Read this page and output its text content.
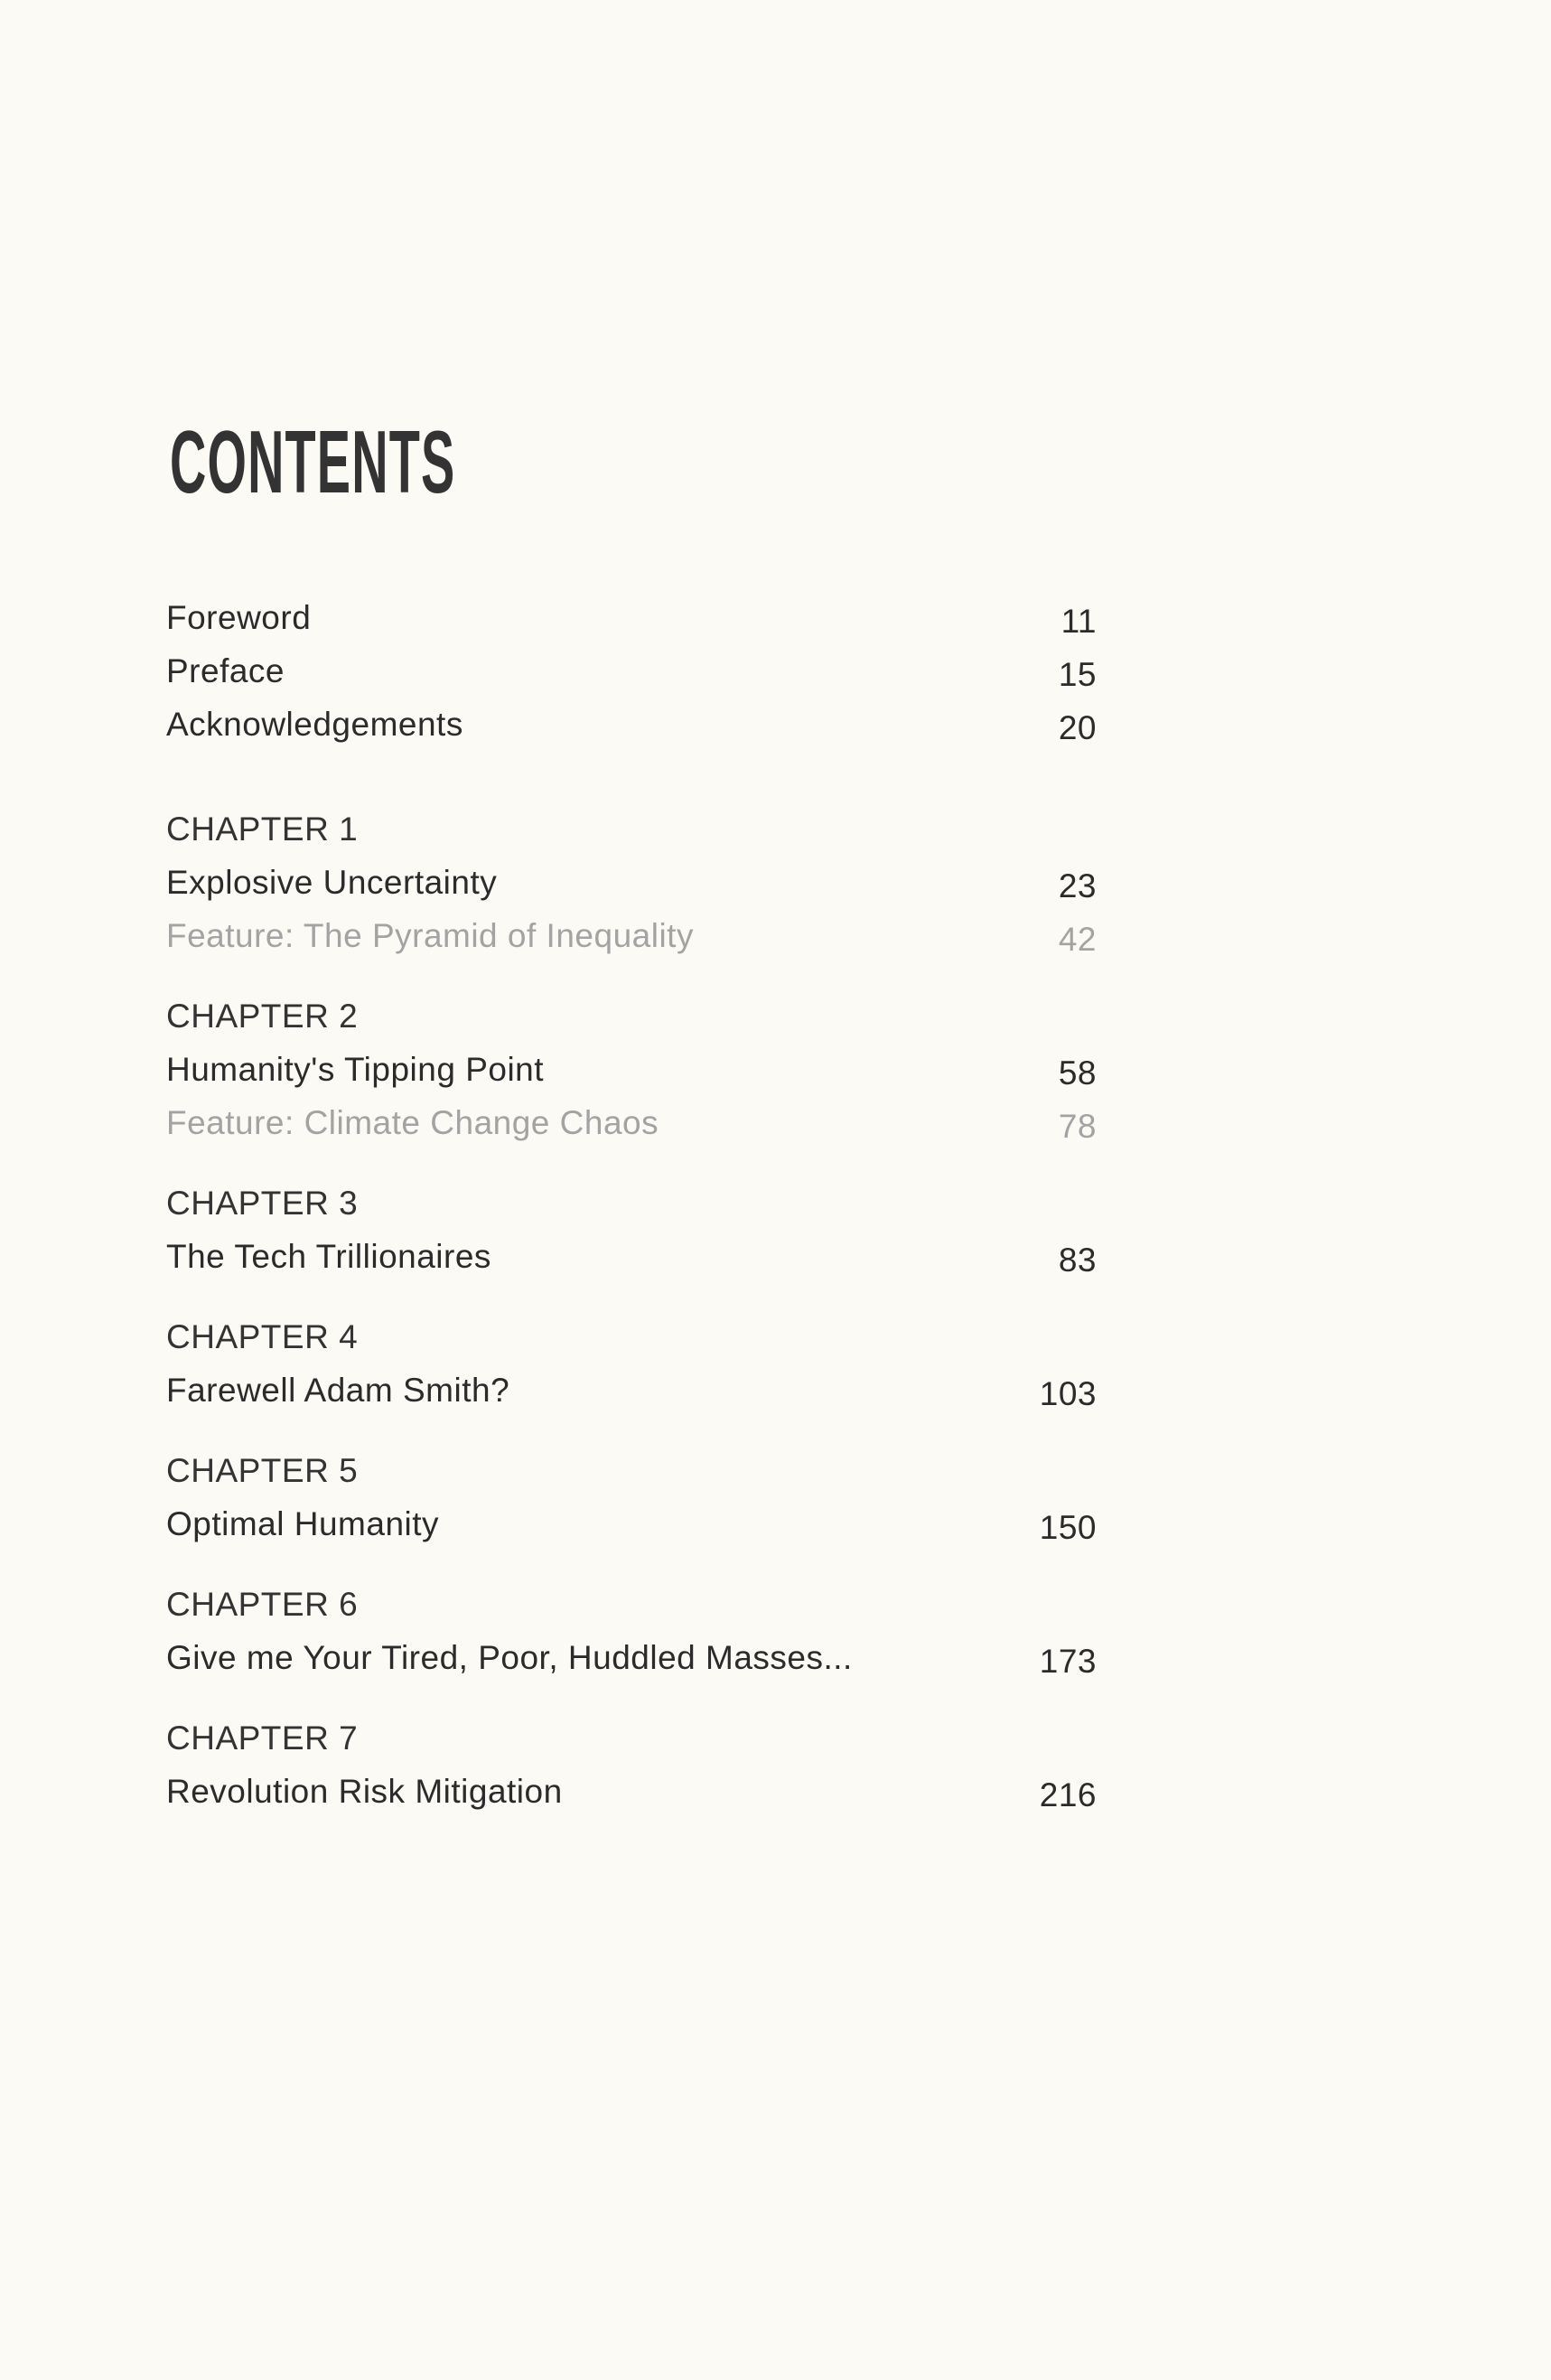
CONTENTS
Foreword	11
Preface	15
Acknowledgements	20
CHAPTER 1
Explosive Uncertainty	23
Feature: The Pyramid of Inequality	42
CHAPTER 2
Humanity's Tipping Point	58
Feature: Climate Change Chaos	78
CHAPTER 3
The Tech Trillionaires	83
CHAPTER 4
Farewell Adam Smith?	103
CHAPTER 5
Optimal Humanity	150
CHAPTER 6
Give me Your Tired, Poor, Huddled Masses...	173
CHAPTER 7
Revolution Risk Mitigation	216
